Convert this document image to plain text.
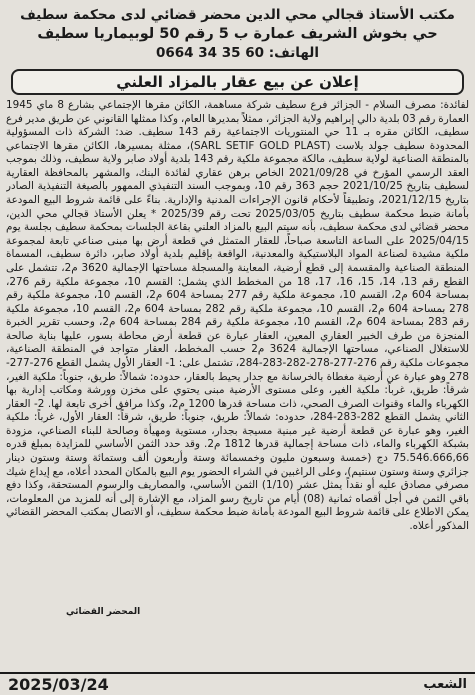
مكتب الأستاذ قجالي محي الدين محضر قضائي لدى محكمة سطيف
حي بخوش الشريف عمارة ب 5 رقم 50 لوبيماريا سطيف
الهاتف: 60 35 34 0664
إعلان عن بيع عقار بالمزاد العلني

لفائدة: مصرف السلام - الجزائر فرع سطيف شركة مساهمة، الكائن مقرها الإجتماعي بشارع 8 ماي 1945 العمارة رقم 03 بلدية دالي إبراهيم ولاية الجزائر، ممثلاً بمديرها العام، وكذا ممثلها القانوني عن طريق مدير فرع سطيف، الكائن مقره بـ 11 حي المنتوريات الاجتماعية رقم 143 سطيف. ضد: الشركة ذات المسؤولية المحدودة سطيف جولد بلاست (SARL SETIF GOLD PLAST)، ممثلة بمسيرها، الكائن مقرها الاجتماعي بالمنطقة الصناعية لولاية سطيف، مالكة مجموعة ملكية رقم 143 بلدية أولاد صابر ولاية سطيف، وذلك بموجب العقد الرسمي المؤرخ في 2021/09/28 الخاص برهن عقاري لفائدة البنك، والمشهر بالمحافظة العقارية لسطيف بتاريخ 2021/10/25 حجم 363 رقم 10، وبموجب السند التنفيذي الممهور بالصيغة التنفيذية الصادر بتاريخ 2021/12/15، وتطبيقاً لأحكام قانون الإجراءات المدنية والإدارية. بناءً على قائمة شروط البيع المودعة بأمانة ضبط محكمة سطيف بتاريخ 2025/03/05 تحت رقم 2025/39 * يعلن الأستاذ قجالي محي الدين، محضر قضائي لدى محكمة سطيف، بأنه سيتم البيع بالمزاد العلني بقاعة الجلسات بمحكمة سطيف بجلسة يوم 2025/04/15 على الساعة التاسعة صباحاً، للعقار المتمثل في قطعة أرض بها مبنى صناعي تابعة لمجموعة ملكية مشيدة لصناعة المواد البلاستيكية والمعدنية، الواقعة بإقليم بلدية أولاد صابر، دائرة سطيف، المسماة المنطقة الصناعية والمقسمة إلى قطع أرضية، المعاينة والمسجلة مساحتها الإجمالية 3620 م2، تتشمل على القطع رقم 13، 14، 15، 16، 17، 18 من المخطط الذي يشمل: القسم 10، مجموعة ملكية رقم 276، بمساحة 604 م2، القسم 10، مجموعة ملكية رقم 277 بمساحة 604 م2، القسم 10، مجموعة ملكية رقم 278 بمساحة 604 م2، القسم 10، مجموعة ملكية رقم 282 بمساحة 604 م2، القسم 10، مجموعة ملكية رقم 283 بمساحة 604 م2، القسم 10، مجموعة ملكية رقم 284 بمساحة 604 م2، وحسب تقرير الخبرة المنجزة من طرف الخبير العقاري المعين، العقار عبارة عن قطعة أرض محاطة بسور، عليها بناية صالحة للاستغلال الصناعي، مساحتها الإجمالية 3624 م2 حسب المخطط، العقار متواجد في المنطقة الصناعية، مجموعات ملكية رقم 276-277-278-282-283-284، تشتمل على: 1- العقار الأول يشمل القطع 276-277-278 وهو عبارة عن أرضية مغطاة بالخرسانة مع جدار يحيط بالعقار، حدوده: شمالاً: طريق، جنوباً: ملكية الغير، شرقاً: طريق، غرباً: ملكية الغير، وعلى مستوى الأرضية مبنى يحتوي على مخزن وورشة ومكاتب إدارية بها الكهرباء والماء وقنوات الصرف الصحي، ذات مساحة قدرها 1200 م2، وكذا مرافق أخرى تابعة لها. 2- العقار الثاني يشمل القطع 282-283-284، حدوده: شمالاً: طريق، جنوباً: طريق، شرقاً: العقار الأول، غرباً: ملكية الغير، وهو عبارة عن قطعة أرضية غير مبنية مسيجة بجدار، مستوية ومهيأة وصالحة للبناء الصناعي، مزودة بشبكة الكهرباء والماء، ذات مساحة إجمالية قدرها 1812 م2. وقد حدد الثمن الأساسي للمزايدة بمبلغ قدره 75.546.666,66 دج (خمسة وسبعون مليون وخمسمائة وستة وأربعون ألف وستمائة وستة وستون دينار جزائري وستة وستون سنتيم)، وعلى الراغبين في الشراء الحضور يوم البيع بالمكان المحدد أعلاه، مع إيداع شيك مصرفي مصادق عليه أو نقداً يمثل عشر (1/10) الثمن الأساسي، والمصاريف والرسوم المستحقة، وكذا دفع باقي الثمن في أجل أقصاه ثمانية (08) أيام من تاريخ رسو المزاد، مع الإشارة إلى أنه للمزيد من المعلومات، يمكن الاطلاع على قائمة شروط البيع المودعة بأمانة ضبط محكمة سطيف، أو الاتصال بمكتب المحضر القضائي المذكور أعلاه.

المحضر القضائي
الشعب
2025/03/24
